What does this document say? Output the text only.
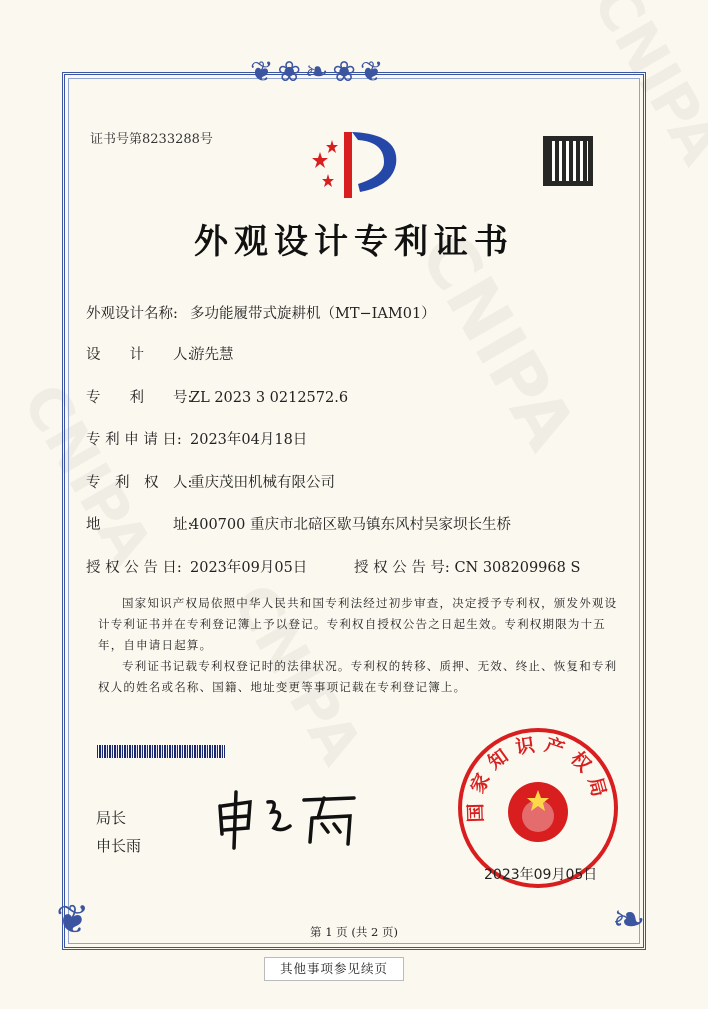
❦❀❧❀❦
❦	❧
证书号第8233288号
外观设计专利证书
外观设计名称: 多功能履带式旋耕机（MT−IAM01）
设　　计　　人:游先慧
专　　利　　号:ZL 2023 3 0212572.6
专 利 申 请 日: 2023年04月18日
专　利　权　人:重庆茂田机械有限公司
地　　　　　址:400700 重庆市北碚区歇马镇东风村吴家坝长生桥
授 权 公 告 日: 2023年09月05日	授 权 公 告 号: CN 308209968 S
国家知识产权局依照中华人民共和国专利法经过初步审查，决定授予专利权，颁发外观设计专利证书并在专利登记簿上予以登记。专利权自授权公告之日起生效。专利权期限为十五年，自申请日起算。
专利证书记载专利权登记时的法律状况。专利权的转移、质押、无效、终止、恢复和专利权人的姓名或名称、国籍、地址变更等事项记载在专利登记簿上。
局长
申长雨
国家知识产权局
2023年09月05日
第 1 页 (共 2 页)
其他事项参见续页
